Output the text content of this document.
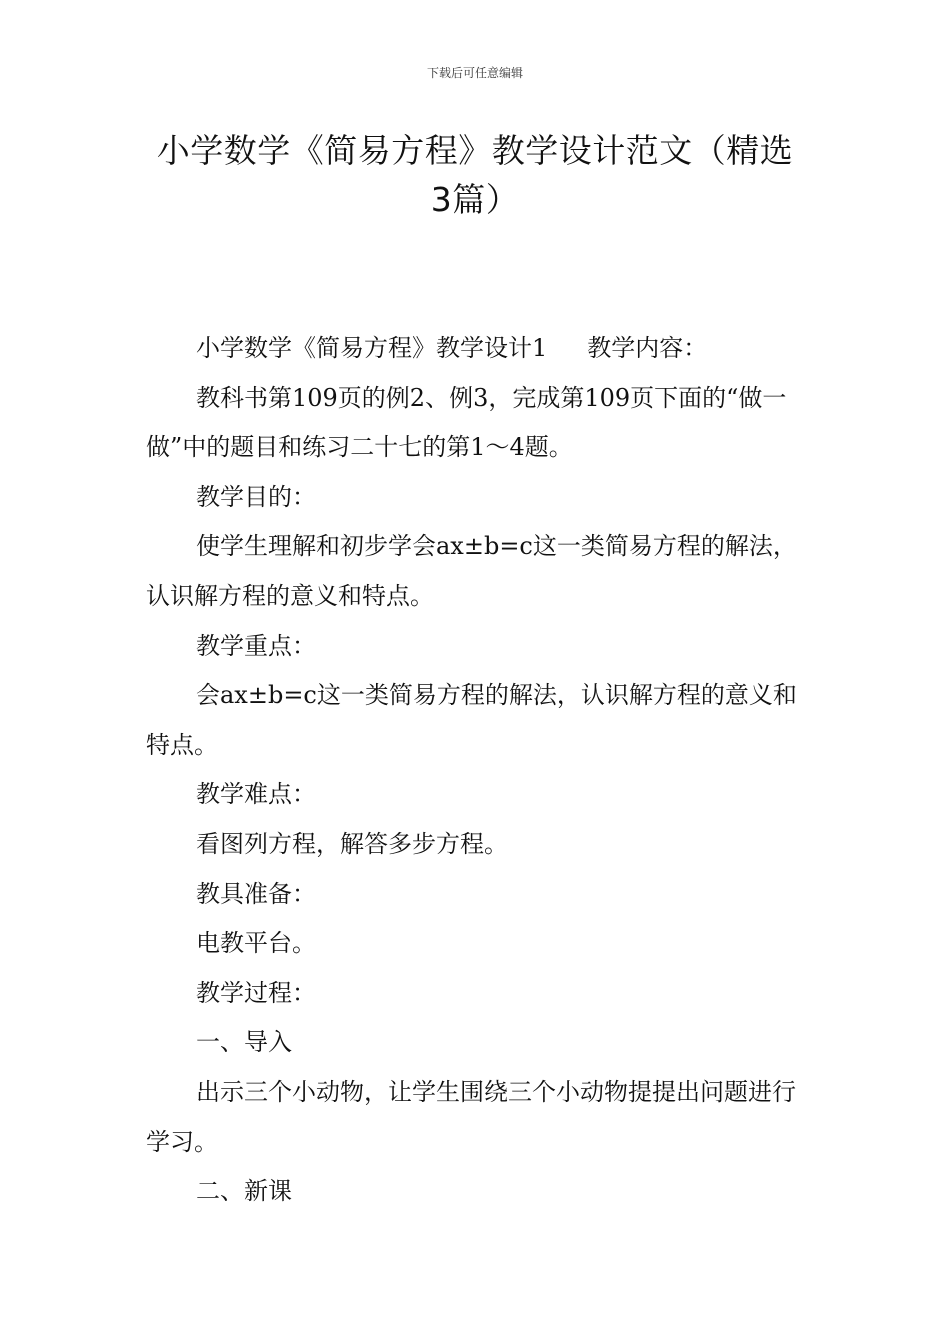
下载后可任意编辑
小学数学《简易方程》教学设计范文（精选3篇）

小学数学《简易方程》教学设计1 教学内容：

教科书第109页的例2、例3，完成第109页下面的“做一做”中的题目和练习二十七的第1～4题。

教学目的：

使学生理解和初步学会ax±b=c这一类简易方程的解法，认识解方程的意义和特点。

教学重点：

会ax±b=c这一类简易方程的解法，认识解方程的意义和特点。

教学难点：

看图列方程，解答多步方程。

教具准备：

电教平台。

教学过程：

一、导入

出示三个小动物，让学生围绕三个小动物提提出问题进行学习。

二、新课
